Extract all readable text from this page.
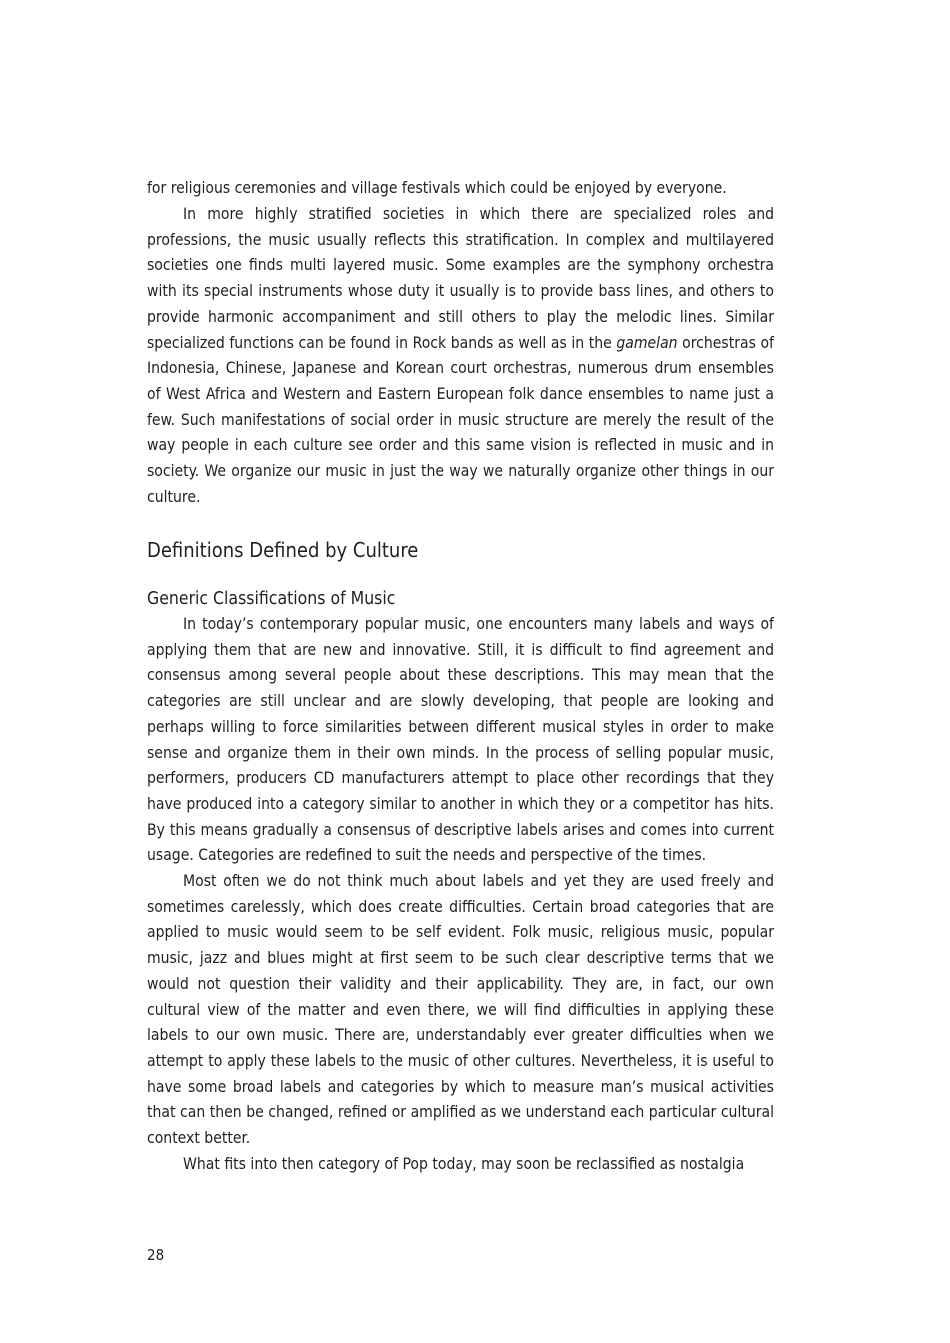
for religious ceremonies and village festivals which could be enjoyed by everyone.

In more highly stratified societies in which there are specialized roles and professions, the music usually reflects this stratification. In complex and multilayered societies one finds multi layered music. Some examples are the symphony orchestra with its special instruments whose duty it usually is to provide bass lines, and others to provide harmonic accompaniment and still others to play the melodic lines. Similar specialized functions can be found in Rock bands as well as in the gamelan orchestras of Indonesia, Chinese, Japanese and Korean court orchestras, numerous drum ensembles of West Africa and Western and Eastern European folk dance ensembles to name just a few. Such manifestations of social order in music structure are merely the result of the way people in each culture see order and this same vision is reflected in music and in society. We organize our music in just the way we naturally organize other things in our culture.

Definitions Defined by Culture
Generic Classifications of Music

In today’s contemporary popular music, one encounters many labels and ways of applying them that are new and innovative. Still, it is difficult to find agreement and consensus among several people about these descriptions. This may mean that the categories are still unclear and are slowly developing, that people are looking and perhaps willing to force similarities between different musical styles in order to make sense and organize them in their own minds. In the process of selling popular music, performers, producers CD manufacturers attempt to place other recordings that they have produced into a category similar to another in which they or a competitor has hits. By this means gradually a consensus of descriptive labels arises and comes into current usage. Categories are redefined to suit the needs and perspective of the times.

Most often we do not think much about labels and yet they are used freely and sometimes carelessly, which does create difficulties. Certain broad categories that are applied to music would seem to be self evident. Folk music, religious music, popular music, jazz and blues might at first seem to be such clear descriptive terms that we would not question their validity and their applicability. They are, in fact, our own cultural view of the matter and even there, we will find difficulties in applying these labels to our own music. There are, understandably ever greater difficulties when we attempt to apply these labels to the music of other cultures. Nevertheless, it is useful to have some broad labels and categories by which to measure man’s musical activities that can then be changed, refined or amplified as we understand each particular cultural context better.

What fits into then category of Pop today, may soon be reclassified as nostalgia

28
